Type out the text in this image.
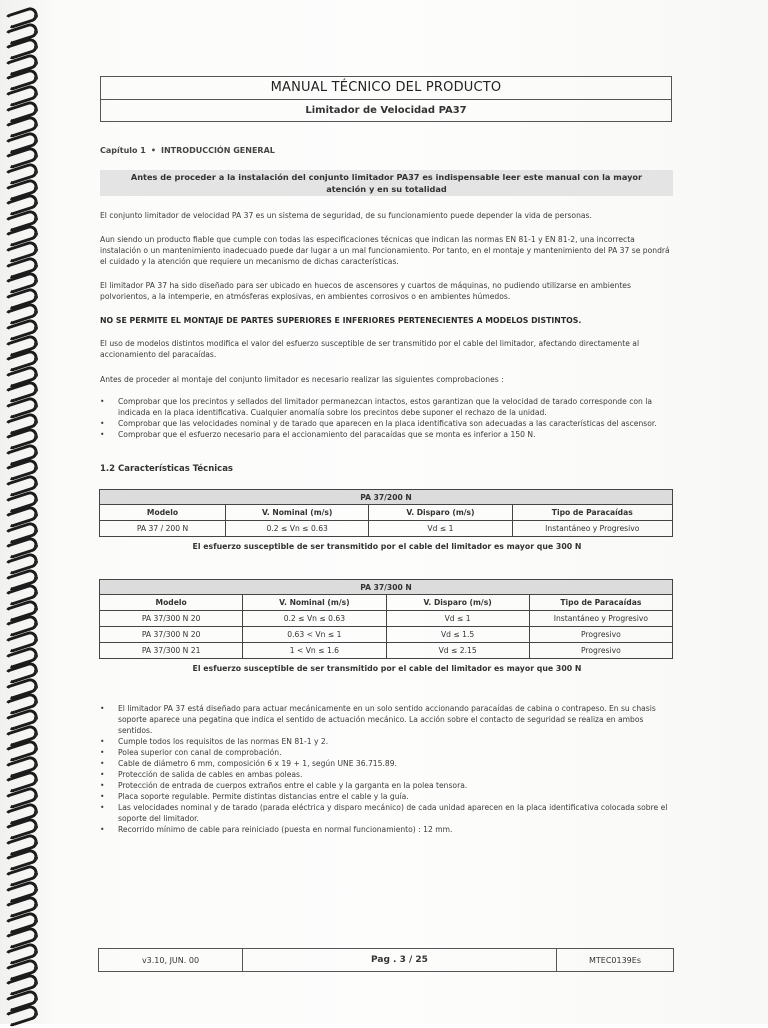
MANUAL TÉCNICO DEL PRODUCTO
Limitador de Velocidad PA37
Capítulo 1 • INTRODUCCIÓN GENERAL
Antes de proceder a la instalación del conjunto limitador PA37 es indispensable leer este manual con la mayor
atención y en su totalidad
El conjunto limitador de velocidad PA 37 es un sistema de seguridad, de su funcionamiento puede depender la vida de personas.
Aun siendo un producto fiable que cumple con todas las especificaciones técnicas que indican las normas EN 81-1 y EN 81-2, una incorrecta instalación o un mantenimiento inadecuado puede dar lugar a un mal funcionamiento. Por tanto, en el montaje y mantenimiento del PA 37 se pondrá el cuidado y la atención que requiere un mecanismo de dichas características.
El limitador PA 37 ha sido diseñado para ser ubicado en huecos de ascensores y cuartos de máquinas, no pudiendo utilizarse en ambientes polvorientos, a la intemperie, en atmósferas explosivas, en ambientes corrosivos o en ambientes húmedos.
NO SE PERMITE EL MONTAJE DE PARTES SUPERIORES E INFERIORES PERTENECIENTES A MODELOS DISTINTOS.
El uso de modelos distintos modifica el valor del esfuerzo susceptible de ser transmitido por el cable del limitador, afectando directamente al accionamiento del paracaídas.
Antes de proceder al montaje del conjunto limitador es necesario realizar las siguientes comprobaciones :
• Comprobar que los precintos y sellados del limitador permanezcan intactos, estos garantizan que la velocidad de tarado corresponde con la indicada en la placa identificativa. Cualquier anomalía sobre los precintos debe suponer el rechazo de la unidad.
• Comprobar que las velocidades nominal y de tarado que aparecen en la placa identificativa son adecuadas a las características del ascensor.
• Comprobar que el esfuerzo necesario para el accionamiento del paracaídas que se monta es inferior a 150 N.
1.2 Características Técnicas
PA 37/200 N			
Modelo	V. Nominal (m/s)	V. Disparo (m/s)	Tipo de Paracaídas
PA 37 / 200 N	0.2 ≤ Vn ≤ 0.63	Vd ≤ 1	Instantáneo y Progresivo
El esfuerzo susceptible de ser transmitido por el cable del limitador es mayor que 300 N
PA 37/300 N			
Modelo	V. Nominal (m/s)	V. Disparo (m/s)	Tipo de Paracaídas
PA 37/300 N 20	0.2 ≤ Vn ≤ 0.63	Vd ≤ 1	Instantáneo y Progresivo
PA 37/300 N 20	0.63 < Vn ≤ 1	Vd ≤ 1.5	Progresivo
PA 37/300 N 21	1 < Vn ≤ 1.6	Vd ≤ 2.15	Progresivo
El esfuerzo susceptible de ser transmitido por el cable del limitador es mayor que 300 N
• El limitador PA 37 está diseñado para actuar mecánicamente en un solo sentido accionando paracaídas de cabina o contrapeso. En su chasis soporte aparece una pegatina que indica el sentido de actuación mecánico. La acción sobre el contacto de seguridad se realiza en ambos sentidos.
• Cumple todos los requisitos de las normas EN 81-1 y 2.
• Polea superior con canal de comprobación.
• Cable de diámetro 6 mm, composición 6 x 19 + 1, según UNE 36.715.89.
• Protección de salida de cables en ambas poleas.
• Protección de entrada de cuerpos extraños entre el cable y la garganta en la polea tensora.
• Placa soporte regulable. Permite distintas distancias entre el cable y la guía.
• Las velocidades nominal y de tarado (parada eléctrica y disparo mecánico) de cada unidad aparecen en la placa identificativa colocada sobre el soporte del limitador.
• Recorrido mínimo de cable para reiniciado (puesta en normal funcionamiento) : 12 mm.
v3.10, JUN. 00	Pag . 3 / 25	MTEC0139Es
